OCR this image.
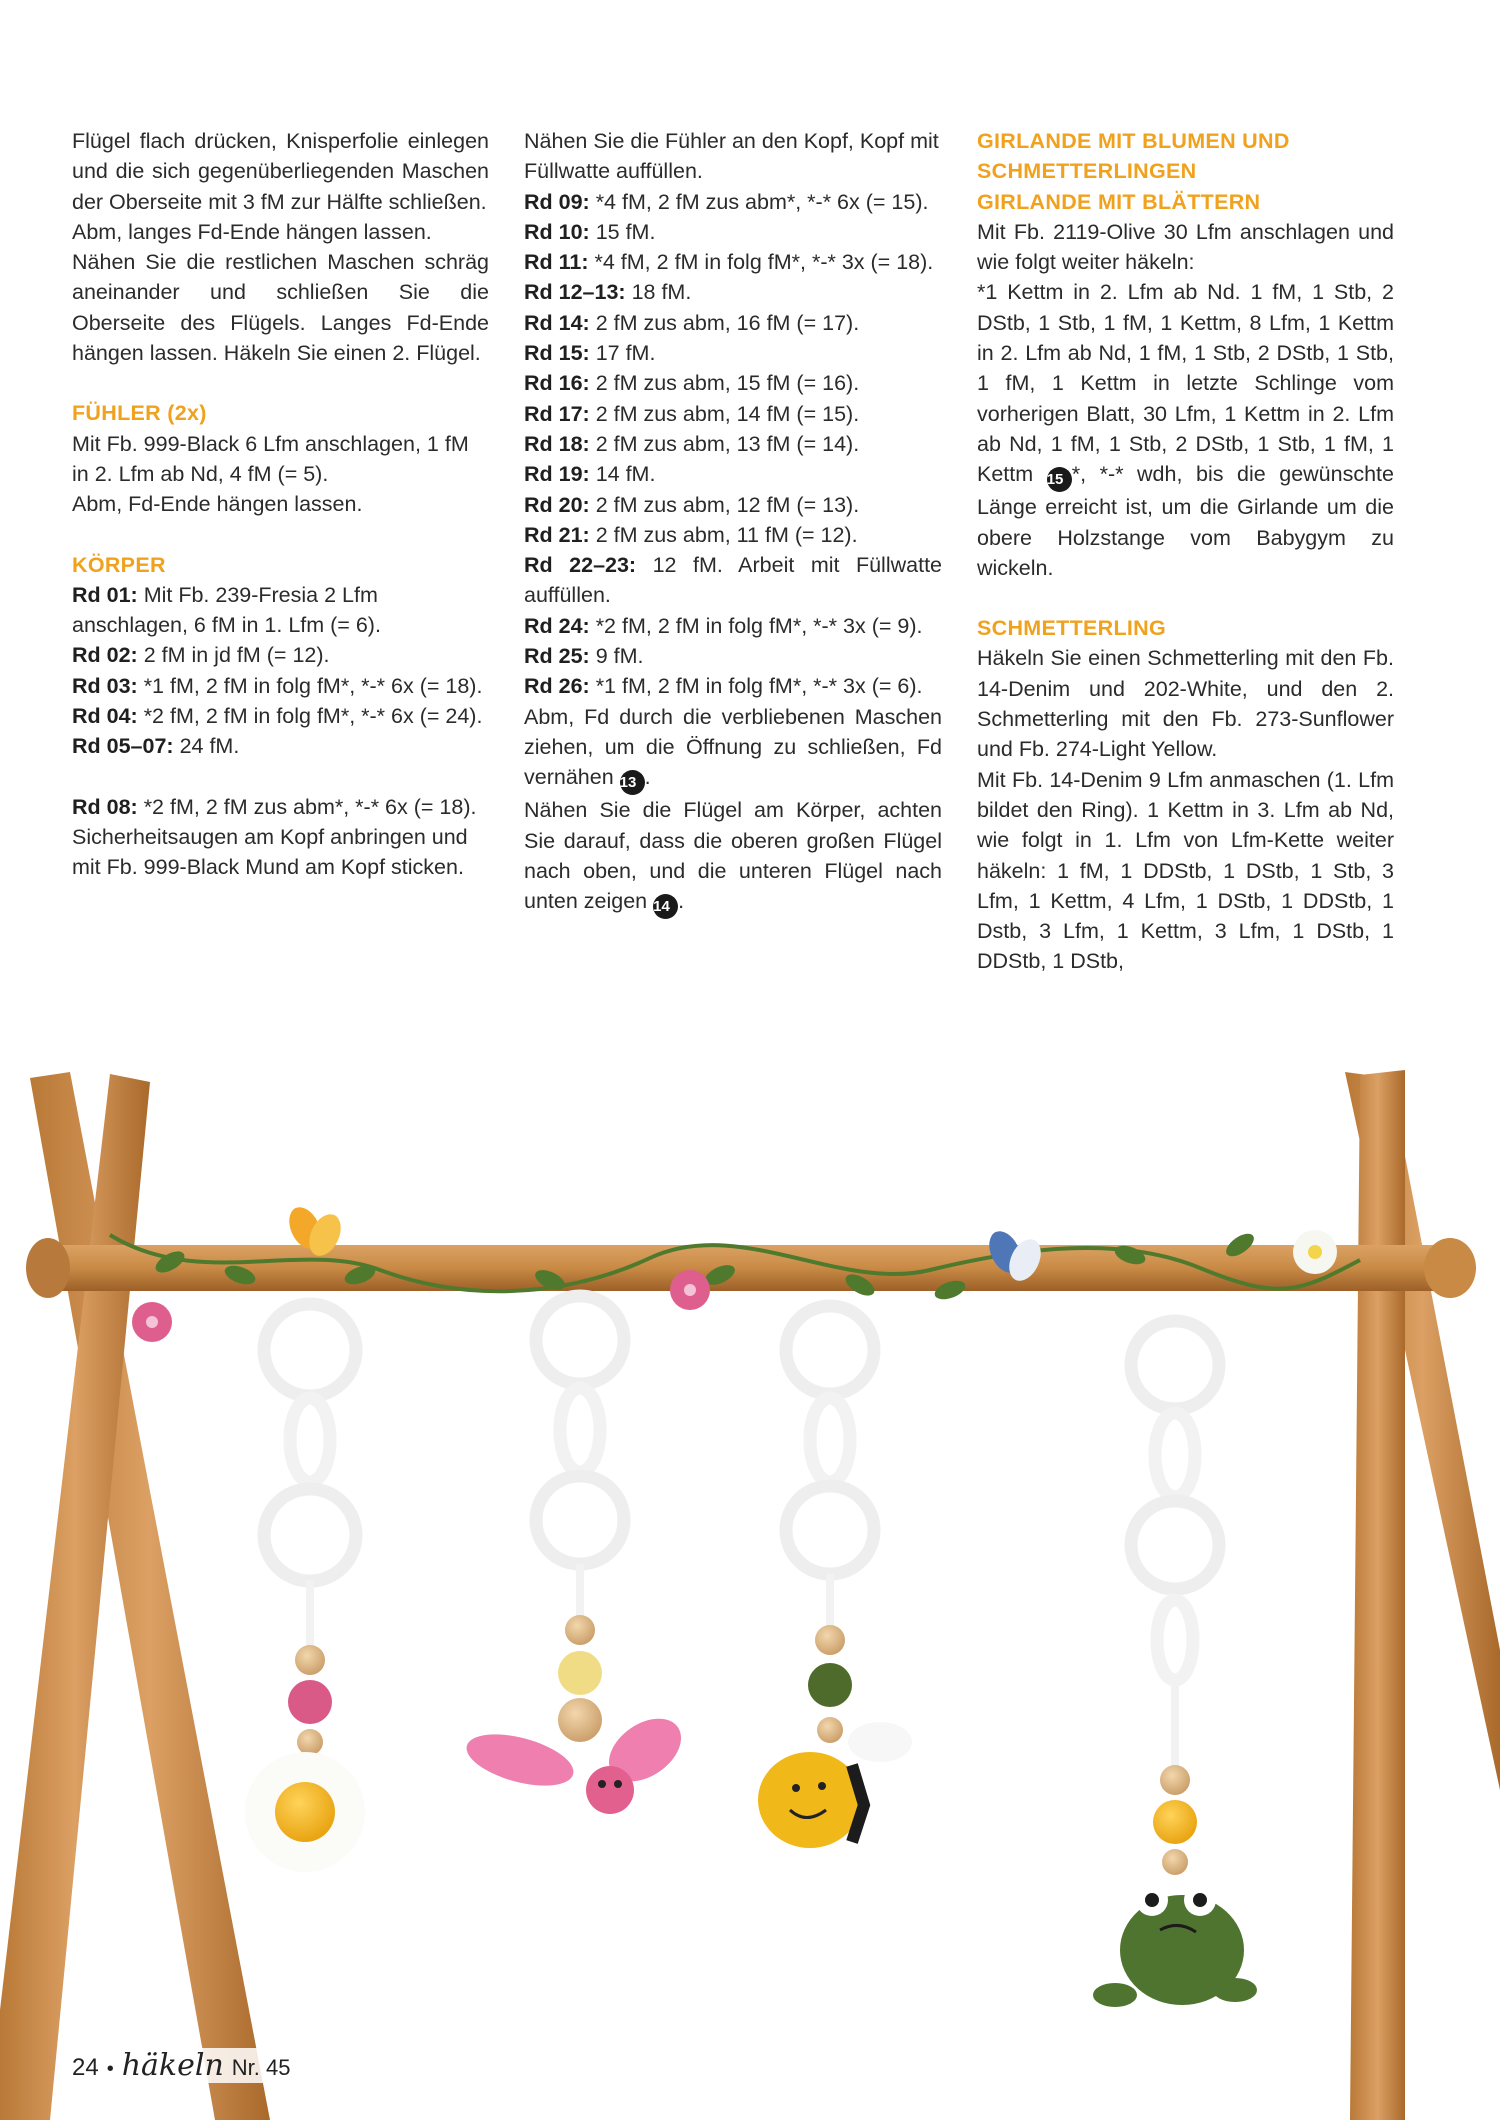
Flügel flach drücken, Knisperfolie einlegen und die sich gegenüberliegenden Maschen der Oberseite mit 3 fM zur Hälfte schließen.

Abm, langes Fd-Ende hängen lassen.

Nähen Sie die restlichen Maschen schräg aneinander und schließen Sie die Oberseite des Flügels. Langes Fd-Ende hängen lassen. Häkeln Sie einen 2. Flügel.

FÜHLER (2x)

Mit Fb. 999-Black 6 Lfm anschlagen, 1 fM in 2. Lfm ab Nd, 4 fM (= 5).

Abm, Fd-Ende hängen lassen.

KÖRPER

Rd 01: Mit Fb. 239-Fresia 2 Lfm anschlagen, 6 fM in 1. Lfm (= 6).

Rd 02: 2 fM in jd fM (= 12).

Rd 03: *1 fM, 2 fM in folg fM*, *-* 6x (= 18).

Rd 04: *2 fM, 2 fM in folg fM*, *-* 6x (= 24).

Rd 05–07: 24 fM.

Rd 08: *2 fM, 2 fM zus abm*, *-* 6x (= 18).

Sicherheitsaugen am Kopf anbringen und mit Fb. 999-Black Mund am Kopf sticken.

Nähen Sie die Fühler an den Kopf, Kopf mit Füllwatte auffüllen.

Rd 09: *4 fM, 2 fM zus abm*, *-* 6x (= 15).

Rd 10: 15 fM.

Rd 11: *4 fM, 2 fM in folg fM*, *-* 3x (= 18).

Rd 12–13: 18 fM.

Rd 14: 2 fM zus abm, 16 fM (= 17).

Rd 15: 17 fM.

Rd 16: 2 fM zus abm, 15 fM (= 16).

Rd 17: 2 fM zus abm, 14 fM (= 15).

Rd 18: 2 fM zus abm, 13 fM (= 14).

Rd 19: 14 fM.

Rd 20: 2 fM zus abm, 12 fM (= 13).

Rd 21: 2 fM zus abm, 11 fM (= 12).

Rd 22–23: 12 fM. Arbeit mit Füllwatte auffüllen.

Rd 24: *2 fM, 2 fM in folg fM*, *-* 3x (= 9).

Rd 25: 9 fM.

Rd 26: *1 fM, 2 fM in folg fM*, *-* 3x (= 6).

Abm, Fd durch die verbliebenen Maschen ziehen, um die Öffnung zu schließen, Fd vernähen 13 .

Nähen Sie die Flügel am Körper, achten Sie darauf, dass die oberen großen Flügel nach oben, und die unteren Flügel nach unten zeigen 14 .

GIRLANDE MIT BLUMEN UND SCHMETTERLINGEN

GIRLANDE MIT BLÄTTERN

Mit Fb. 2119-Olive 30 Lfm anschlagen und wie folgt weiter häkeln:

*1 Kettm in 2. Lfm ab Nd. 1 fM, 1 Stb, 2 DStb, 1 Stb, 1 fM, 1 Kettm, 8 Lfm, 1 Kettm in 2. Lfm ab Nd, 1 fM, 1 Stb, 2 DStb, 1 Stb, 1 fM, 1 Kettm in letzte Schlinge vom vorherigen Blatt, 30 Lfm, 1 Kettm in 2. Lfm ab Nd, 1 fM, 1 Stb, 2 DStb, 1 Stb, 1 fM, 1 Kettm 15 *, *-* wdh, bis die gewünschte Länge erreicht ist, um die Girlande um die obere Holzstange vom Babygym zu wickeln.

SCHMETTERLING

Häkeln Sie einen Schmetterling mit den Fb. 14-Denim und 202-White, und den 2. Schmetterling mit den Fb. 273-Sunflower und Fb. 274-Light Yellow.

Mit Fb. 14-Denim 9 Lfm anmaschen (1. Lfm bildet den Ring). 1 Kettm in 3. Lfm ab Nd, wie folgt in 1. Lfm von Lfm-Kette weiter häkeln: 1 fM, 1 DDStb, 1 DStb, 1 Stb, 3 Lfm, 1 Kettm, 4 Lfm, 1 DStb, 1 DDStb, 1 Dstb, 3 Lfm, 1 Kettm, 3 Lfm, 1 DStb, 1 DDStb, 1 DStb,

24 • häkeln Nr. 45
